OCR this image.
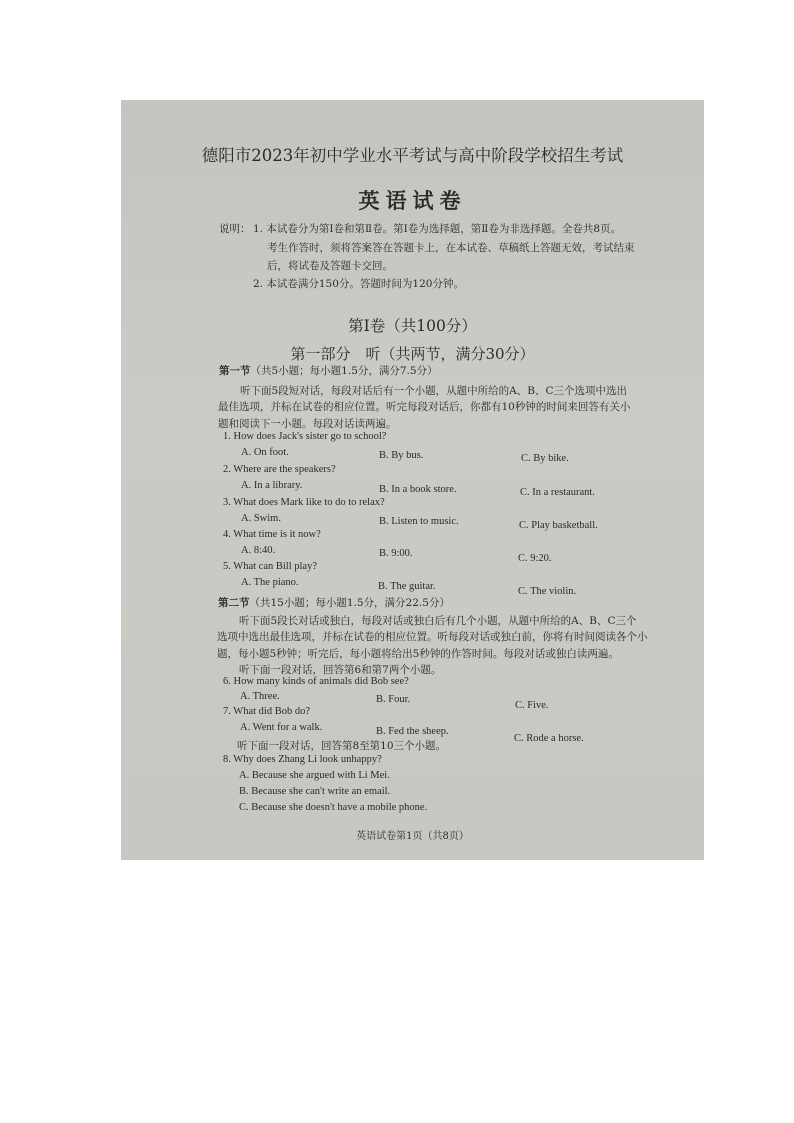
德阳市2023年初中学业水平考试与高中阶段学校招生考试
英语试卷
说明： 1. 本试卷分为第Ⅰ卷和第Ⅱ卷。第Ⅰ卷为选择题，第Ⅱ卷为非选择题。全卷共8页。
考生作答时，须将答案答在答题卡上，在本试卷、草稿纸上答题无效，考试结束
后，将试卷及答题卡交回。
2. 本试卷满分150分。答题时间为120分钟。
第Ⅰ卷（共100分）
第一部分　听（共两节，满分30分）
第一节（共5小题；每小题1.5分，满分7.5分）
听下面5段短对话，每段对话后有一个小题，从题中所给的A、B、C三个选项中选出
最佳选项，并标在试卷的相应位置。听完每段对话后，你都有10秒钟的时间来回答有关小
题和阅读下一小题。每段对话读两遍。
1. How does Jack's sister go to school?
A. On foot.	B. By bus.	C. By bike.
2. Where are the speakers?
A. In a library.	B. In a book store.	C. In a restaurant.
3. What does Mark like to do to relax?
A. Swim.	B. Listen to music.	C. Play basketball.
4. What time is it now?
A. 8:40.	B. 9:00.	C. 9:20.
5. What can Bill play?
A. The piano.	B. The guitar.	C. The violin.
第二节（共15小题；每小题1.5分，满分22.5分）
听下面5段长对话或独白，每段对话或独白后有几个小题，从题中所给的A、B、C三个
选项中选出最佳选项，并标在试卷的相应位置。听每段对话或独白前，你将有时间阅读各个小
题，每小题5秒钟；听完后，每小题将给出5秒钟的作答时间。每段对话或独白读两遍。
听下面一段对话，回答第6和第7两个小题。
6. How many kinds of animals did Bob see?
A. Three.	B. Four.
C. Five.
7. What did Bob do?
A. Went for a walk.	B. Fed the sheep.
C. Rode a horse.
听下面一段对话，回答第8至第10三个小题。
8. Why does Zhang Li look unhappy?
A. Because she argued with Li Mei.
B. Because she can't write an email.
C. Because she doesn't have a mobile phone.
英语试卷第1页（共8页）
